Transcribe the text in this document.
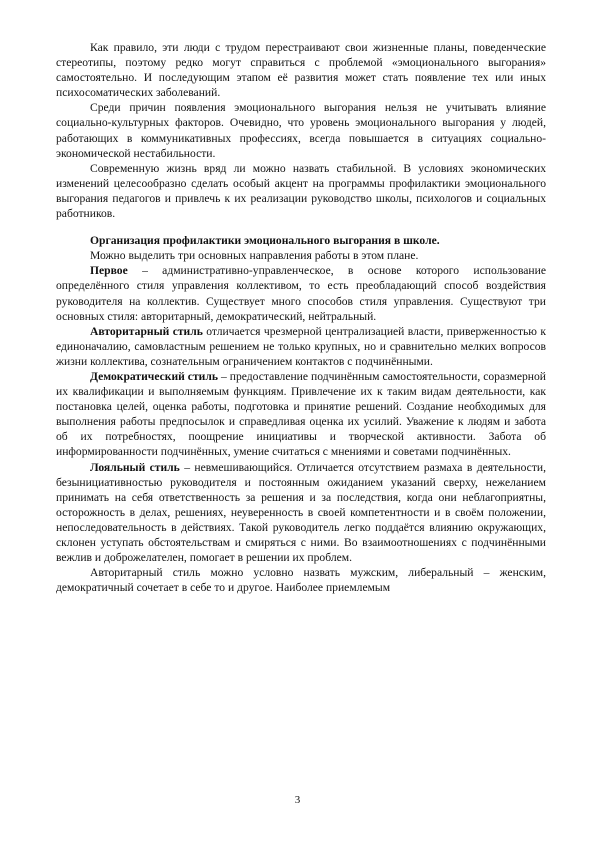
Как правило, эти люди с трудом перестраивают свои жизненные планы, поведенческие стереотипы, поэтому редко могут справиться с проблемой «эмоционального выгорания» самостоятельно. И последующим этапом её развития может стать появление тех или иных психосоматических заболеваний.

Среди причин появления эмоционального выгорания нельзя не учитывать влияние социально-культурных факторов. Очевидно, что уровень эмоционального выгорания у людей, работающих в коммуникативных профессиях, всегда повышается в ситуациях социально-экономической нестабильности.

Современную жизнь вряд ли можно назвать стабильной. В условиях экономических изменений целесообразно сделать особый акцент на программы профилактики эмоционального выгорания педагогов и привлечь к их реализации руководство школы, психологов и социальных работников.

Организация профилактики эмоционального выгорания в школе.

Можно выделить три основных направления работы в этом плане.

Первое – административно-управленческое, в основе которого использование определённого стиля управления коллективом, то есть преобладающий способ воздействия руководителя на коллектив. Существует много способов стиля управления. Существуют три основных стиля: авторитарный, демократический, нейтральный.

Авторитарный стиль отличается чрезмерной централизацией власти, приверженностью к единоначалию, самовластным решением не только крупных, но и сравнительно мелких вопросов жизни коллектива, сознательным ограничением контактов с подчинёнными.

Демократический стиль – предоставление подчинённым самостоятельности, соразмерной их квалификации и выполняемым функциям. Привлечение их к таким видам деятельности, как постановка целей, оценка работы, подготовка и принятие решений. Создание необходимых для выполнения работы предпосылок и справедливая оценка их усилий. Уважение к людям и забота об их потребностях, поощрение инициативы и творческой активности. Забота об информированности подчинённых, умение считаться с мнениями и советами подчинённых.

Лояльный стиль – невмешивающийся. Отличается отсутствием размаха в деятельности, безынициативностью руководителя и постоянным ожиданием указаний сверху, нежеланием принимать на себя ответственность за решения и за последствия, когда они неблагоприятны, осторожность в делах, решениях, неуверенность в своей компетентности и в своём положении, непоследовательность в действиях. Такой руководитель легко поддаётся влиянию окружающих, склонен уступать обстоятельствам и смиряться с ними. Во взаимоотношениях с подчинёнными вежлив и доброжелателен, помогает в решении их проблем.

Авторитарный стиль можно условно назвать мужским, либеральный – женским, демократичный сочетает в себе то и другое. Наиболее приемлемым

3
